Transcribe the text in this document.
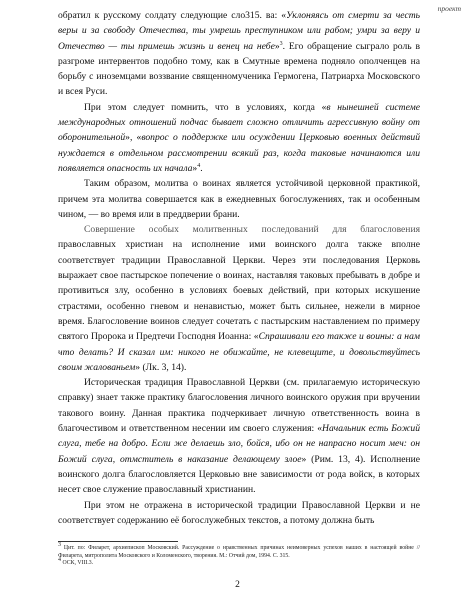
проект

обратил к русскому солдату следующие сло315. ва: «Уклоняясь от смерти за честь веры и за свободу Отечества, ты умрешь преступником или рабом; умри за веру и Отечество — ты примешь жизнь и венец на небе»$^3$. Его обращение сыграло роль в разгроме интервентов подобно тому, как в Смутные времена подняло ополченцев на борьбу с иноземцами воззвание священномученика Гермогена, Патриарха Московского и всея Руси.

При этом следует помнить, что в условиях, когда «в нынешней системе международных отношений подчас бывает сложно отличить агрессивную войну от оборонительной», «вопрос о поддержке или осуждении Церковью военных действий нуждается в отдельном рассмотрении всякий раз, когда таковые начинаются или появляется опасность их начала»$^4$.

Таким образом, молитва о воинах является устойчивой церковной практикой, причем эта молитва совершается как в ежедневных богослужениях, так и особенным чином, — во время или в преддверии брани.

Совершение особых молитвенных последований для благословения православных христиан на исполнение ими воинского долга также вполне соответствует традиции Православной Церкви. Через эти последования Церковь выражает свое пастырское попечение о воинах, наставляя таковых пребывать в добре и противиться злу, особенно в условиях боевых действий, при которых искушение страстями, особенно гневом и ненавистью, может быть сильнее, нежели в мирное время. Благословение воинов следует сочетать с пастырским наставлением по примеру святого Пророка и Предтечи Господня Иоанна: «Спрашивали его также и воины: а нам что делать? И сказал им: никого не обижайте, не клевещите, и довольствуйтесь своим жалованьем» (Лк. 3, 14).

Историческая традиция Православной Церкви (см. прилагаемую историческую справку) знает также практику благословения личного воинского оружия при вручении такового воину. Данная практика подчеркивает личную ответственность воина в благочестивом и ответственном несении им своего служения: «Начальник есть Божий слуга, тебе на добро. Если же делаешь зло, бойся, ибо он не напрасно носит меч: он Божий слуга, отмститель в наказание делающему злое» (Рим. 13, 4). Исполнение воинского долга благословляется Церковью вне зависимости от рода войск, в которых несет свое служение православный христианин.

При этом не отражена в исторической традиции Православной Церкви и не соответствует содержанию её богослужебных текстов, а потому должна быть

$^3$ Цит. по: Филарет, архиепископ Московский. Рассуждение о нравственных причинах неимоверных успехов наших в настоящей войне // Филарета, митрополита Московского и Коломенского, творения. М.: Отчий дом, 1994. С. 315.

$^4$ ОСК, VIII.3.

2
